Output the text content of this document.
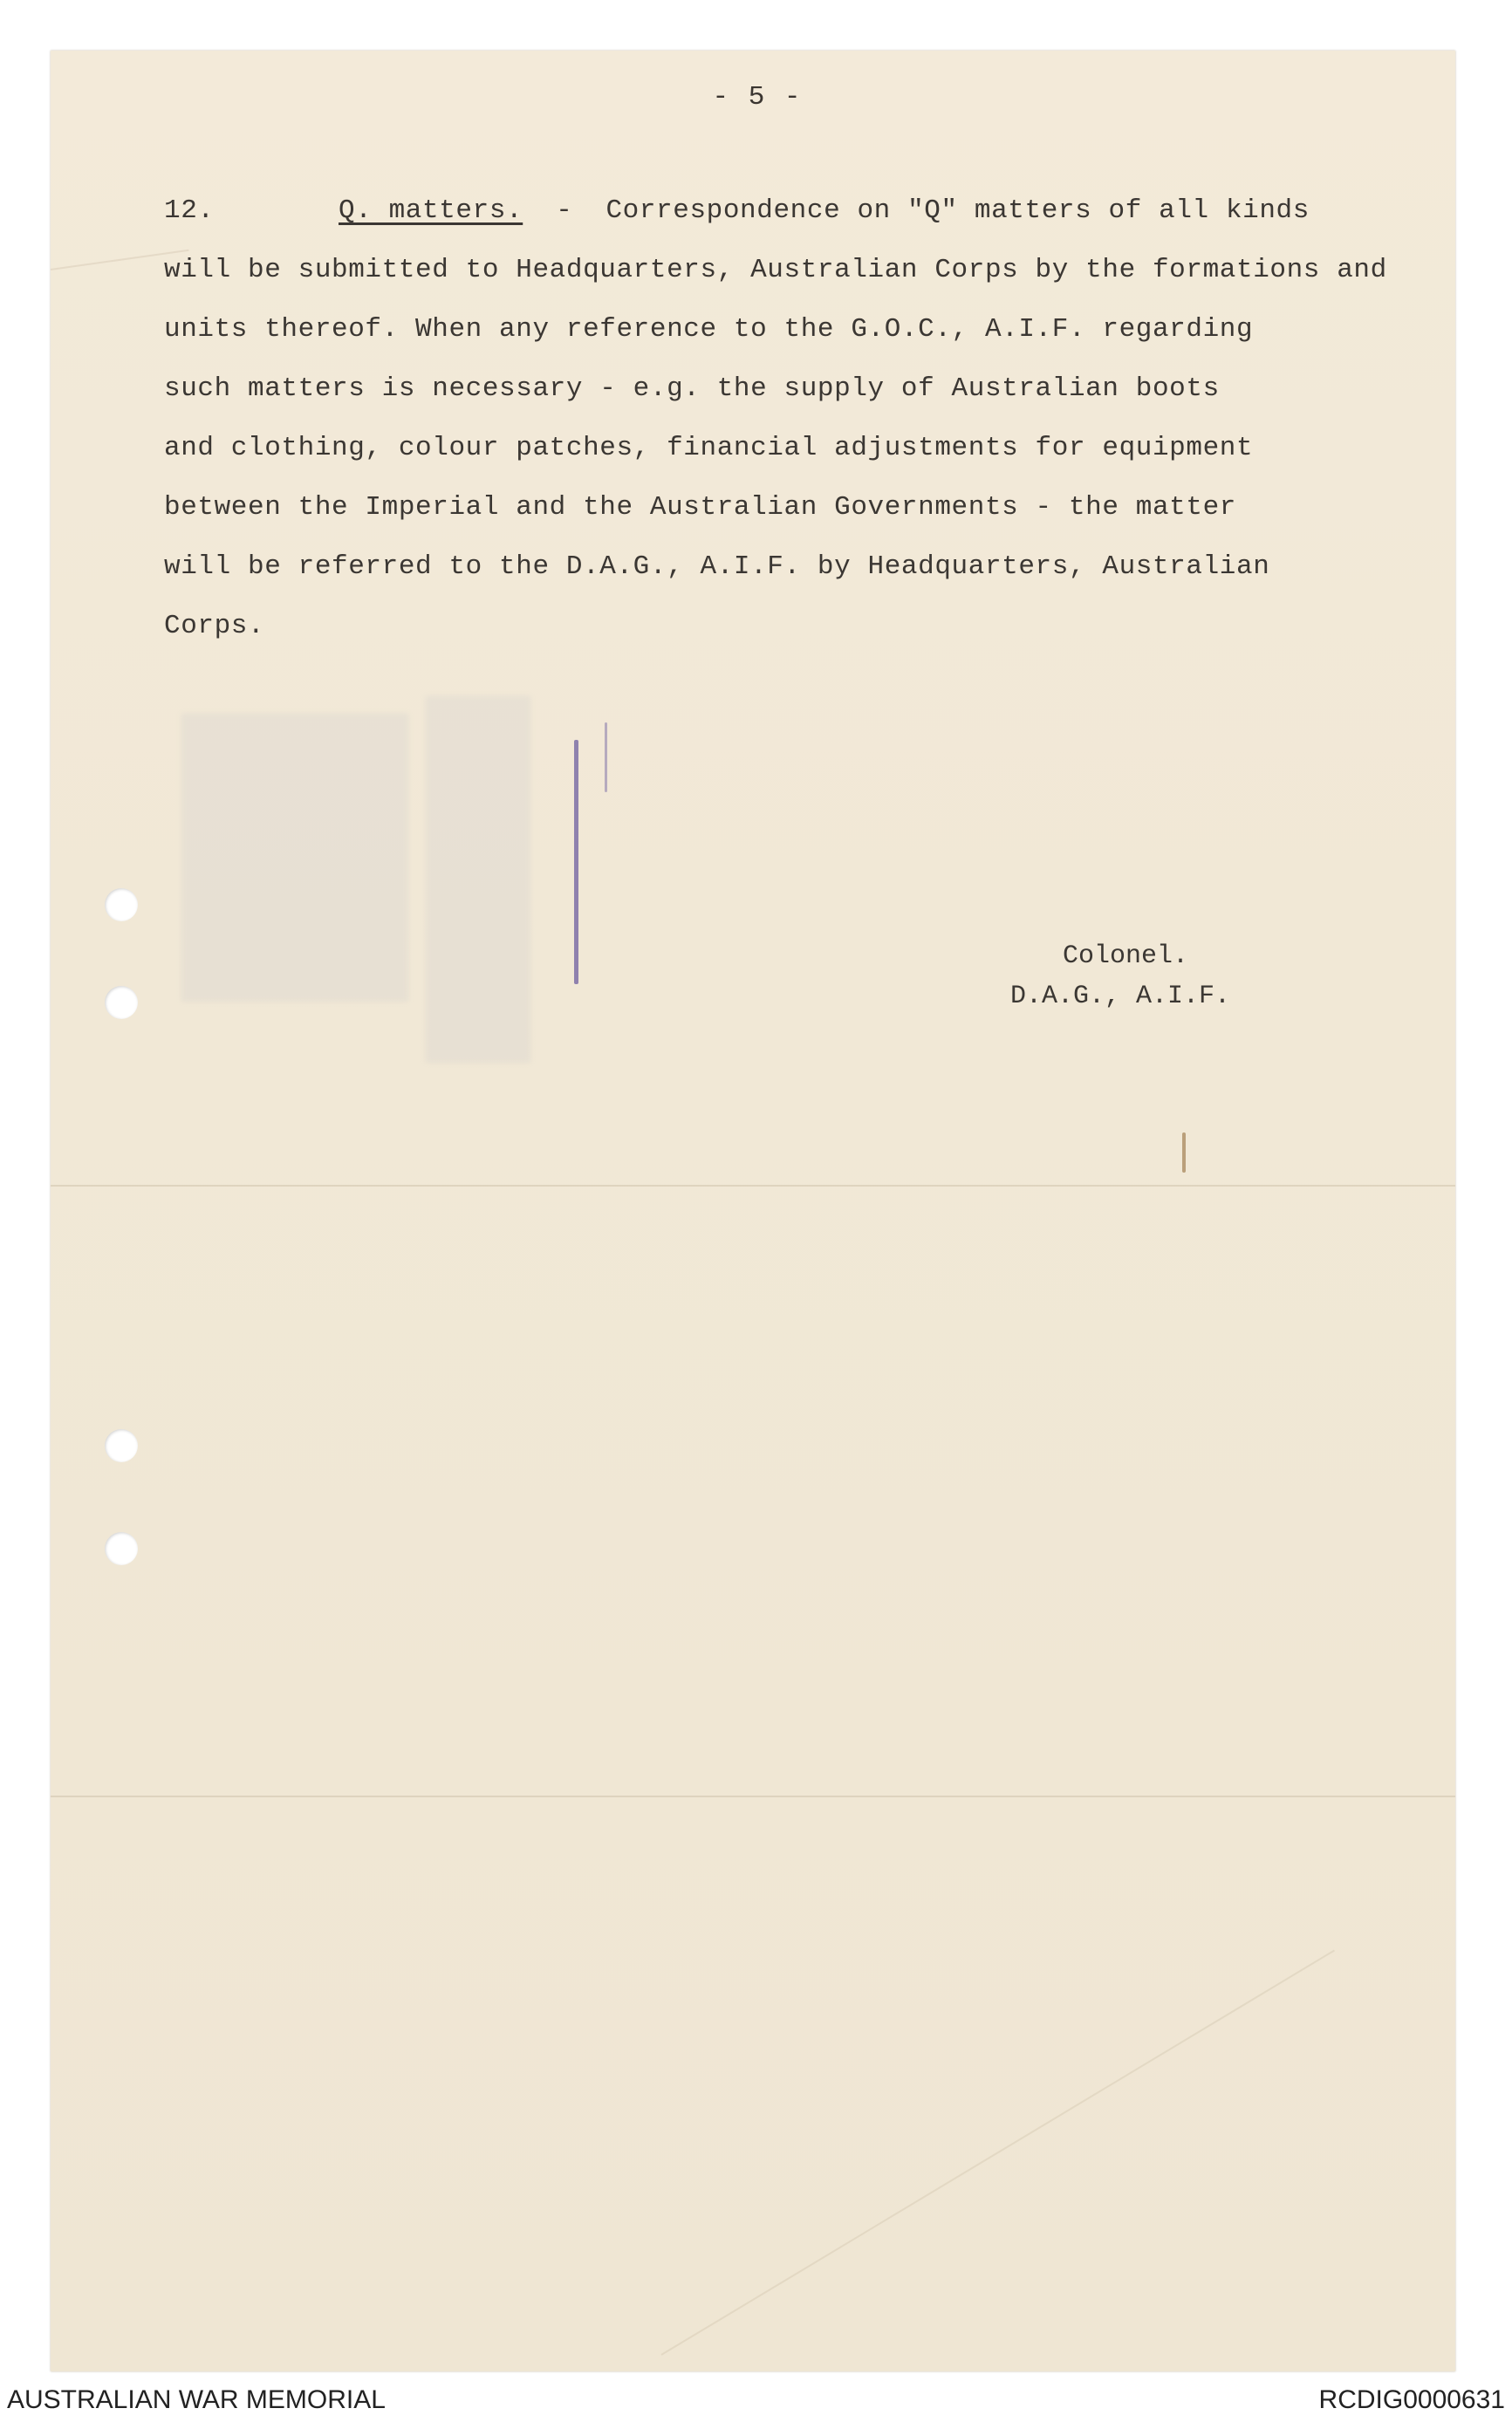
- 5 -
12.	Q. matters. - Correspondence on "Q" matters of all kinds
will be submitted to Headquarters, Australian Corps by the formations and
units thereof. When any reference to the G.O.C., A.I.F. regarding
such matters is necessary - e.g. the supply of Australian boots
and clothing, colour patches, financial adjustments for equipment
between the Imperial and the Australian Governments - the matter
will be referred to the D.A.G., A.I.F. by Headquarters, Australian
Corps.
Colonel.
D.A.G., A.I.F.
AUSTRALIAN WAR MEMORIAL	RCDIG0000631
